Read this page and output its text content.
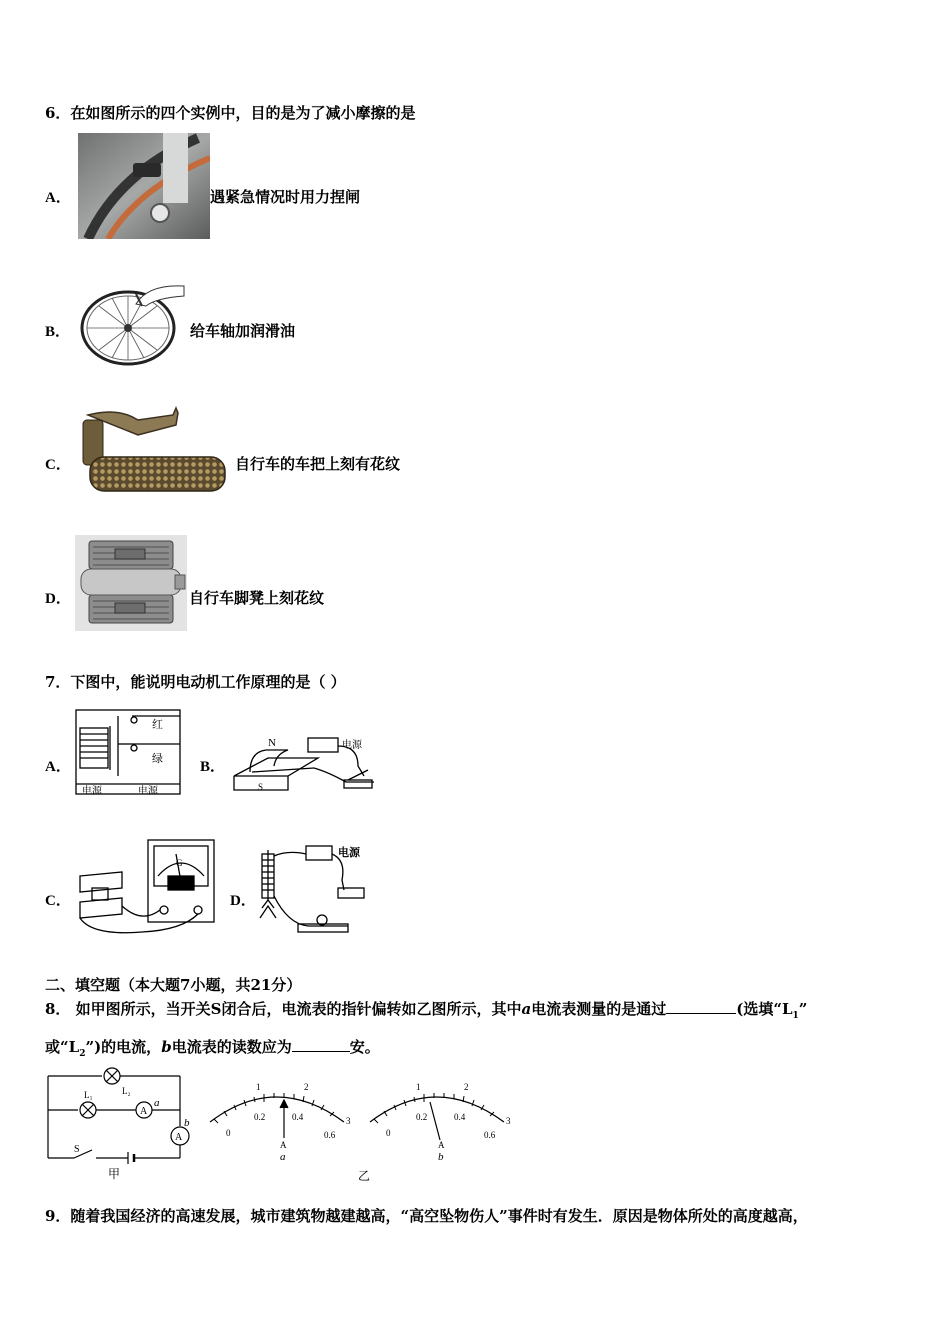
6．在如图所示的四个实例中，目的是为了减小摩擦的是
A．	遇紧急情况时用力捏闸
B．	给车轴加润滑油
C．	自行车的车把上刻有花纹
D．	自行车脚凳上刻花纹
7．下图中，能说明电动机工作原理的是（ ）
A．
红
绿
电源	电源
B．
N
S
电源
C．
G
D．
电源
二、填空题（本大题7小题，共21分）
8． 如甲图所示，当开关S闭合后，电流表的指针偏转如乙图所示，其中a电流表测量的是通过	(选填“$L_1$”
或“$L_2$”)的电流，b电流表的读数应为	安。
A
A
L₁	L₂
a
b
S
甲
1	2
3
0
0.2	0.4
0.6
1	2
3
0
0.2	0.4
0.6
A	A
a	b
乙
9．随着我国经济的高速发展，城市建筑物越建越高，“高空坠物伤人”事件时有发生．原因是物体所处的高度越高，
